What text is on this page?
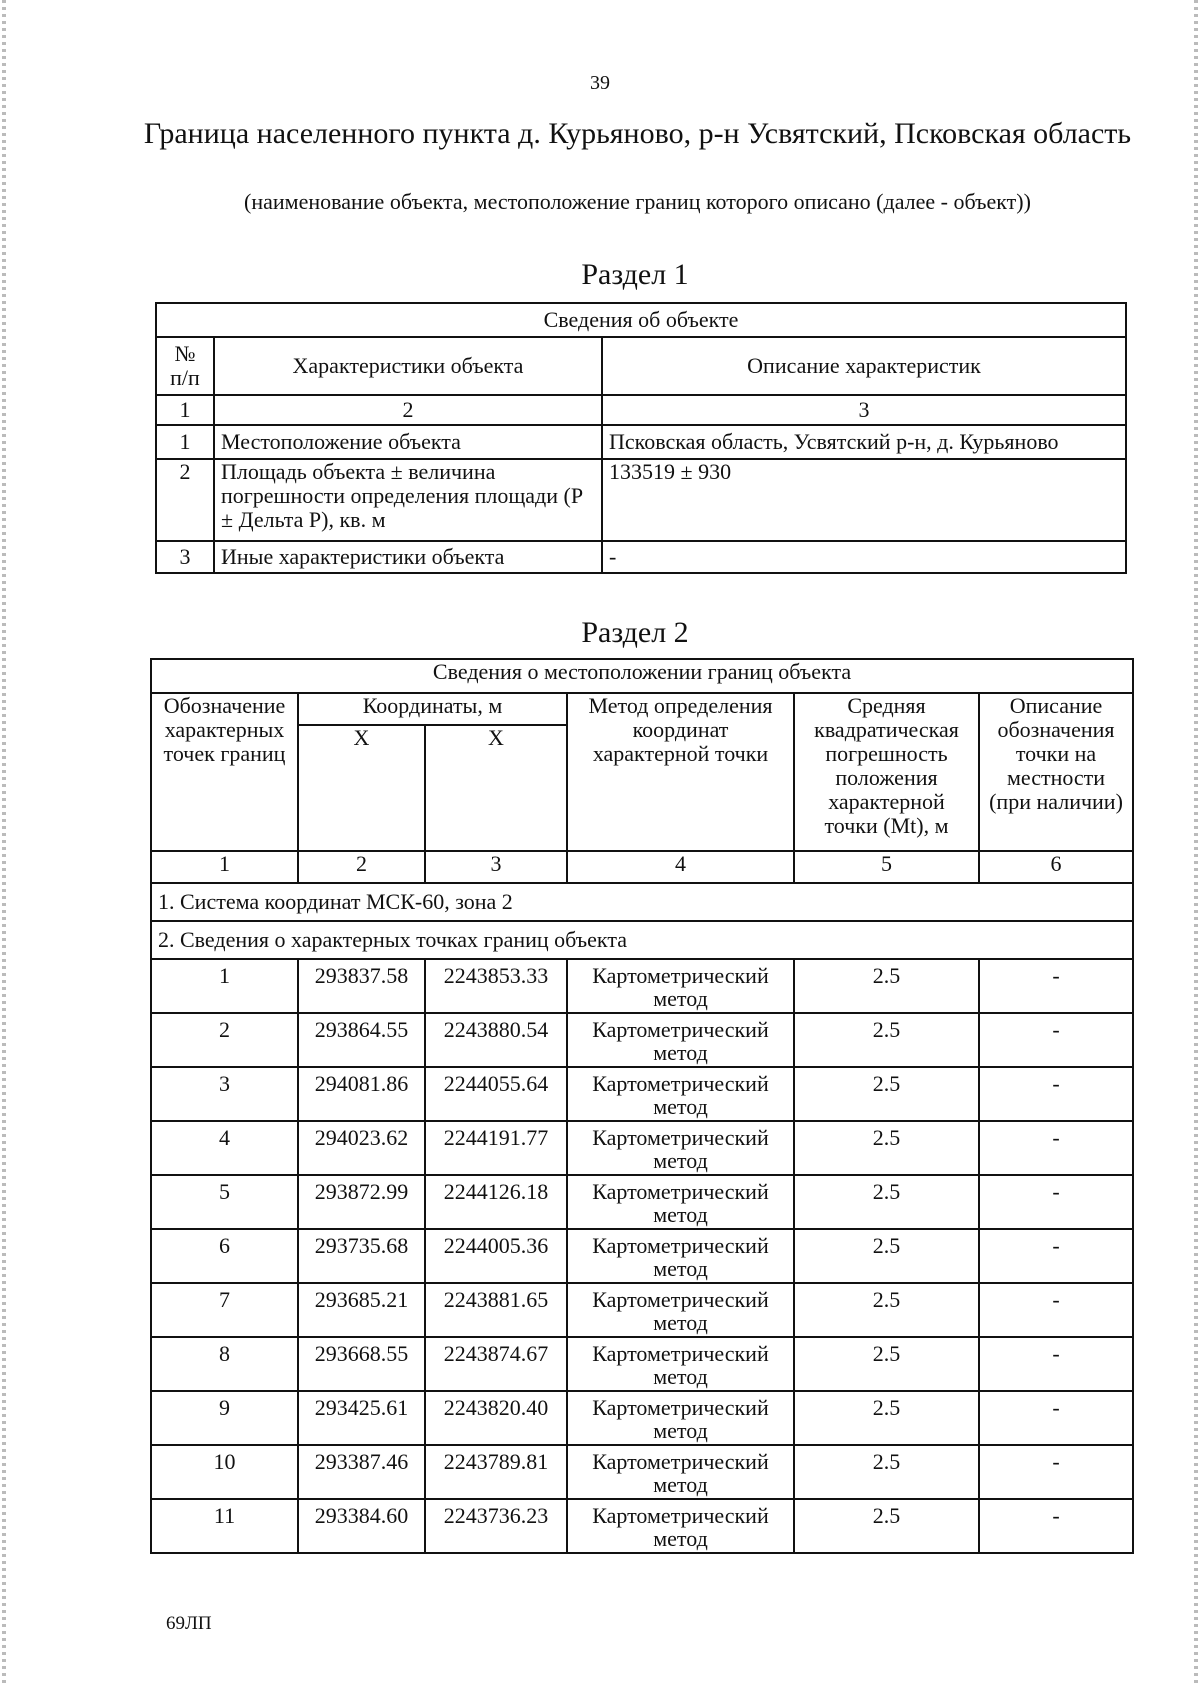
39
Граница населенного пункта д. Курьяново, р-н Усвятский, Псковская область
(наименование объекта, местоположение границ которого описано (далее - объект))
Раздел 1
Сведения об объекте		
№ п/п	Характеристики объекта	Описание характеристик
1	2	3
1	Местоположение объекта	Псковская область, Усвятский р-н, д. Курьяново
2	Площадь объекта ± величина погрешности определения площади (P ± Дельта P), кв. м	133519 ± 930
3	Иные характеристики объекта	-
Раздел 2
Сведения о местоположении границ объекта					
Обозначение характерных точек границ	Координаты, м		Метод определения координат характерной точки	Средняя квадратическая погрешность положения характерной точки (Mt), м	Описание обозначения точки на местности (при наличии)
	X	X			
1	2	3	4	5	6
1. Система координат МСК-60, зона 2					
2. Сведения о характерных точках границ объекта					
1	293837.58	2243853.33	Картометрический метод	2.5	-
2	293864.55	2243880.54	Картометрический метод	2.5	-
3	294081.86	2244055.64	Картометрический метод	2.5	-
4	294023.62	2244191.77	Картометрический метод	2.5	-
5	293872.99	2244126.18	Картометрический метод	2.5	-
6	293735.68	2244005.36	Картометрический метод	2.5	-
7	293685.21	2243881.65	Картометрический метод	2.5	-
8	293668.55	2243874.67	Картометрический метод	2.5	-
9	293425.61	2243820.40	Картометрический метод	2.5	-
10	293387.46	2243789.81	Картометрический метод	2.5	-
11	293384.60	2243736.23	Картометрический метод	2.5	-
69ЛП
